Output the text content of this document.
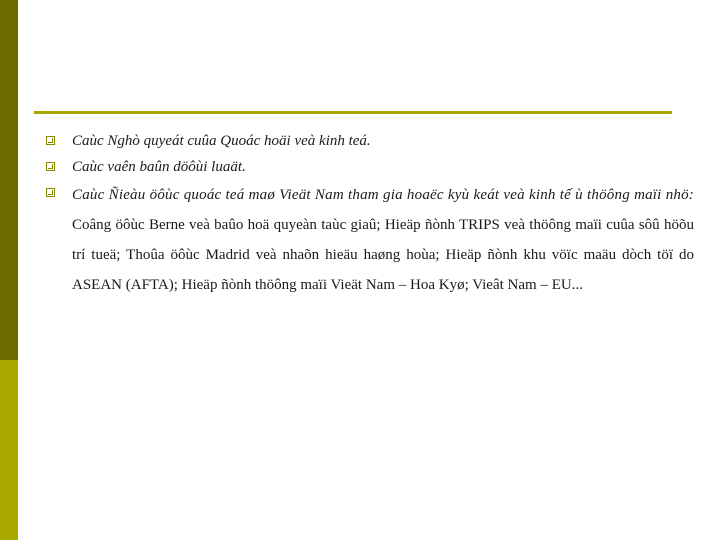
Caùc Nghò quyeát cuûa Quoác hoäi veà kinh teá.
Caùc vaên baûn döôùi luaät.
Caùc Ñieàu öôùc quoác teá maø Vieät Nam tham gia hoaëc kyù keát veà kinh tế ù thöông maïi nhö: Coâng öôùc Berne veà baûo hoä quyeàn taùc giaû; Hieäp ñònh TRIPS veà thöông maïi cuûa sôû höõu trí tueä; Thoûa öôùc Madrid veà nhaõn hieäu haøng hoùa; Hieäp ñònh khu vöïc maäu dòch töï do ASEAN (AFTA); Hieäp ñònh thöông maïi Vieät Nam – Hoa Kyø; Vieât Nam – EU...
